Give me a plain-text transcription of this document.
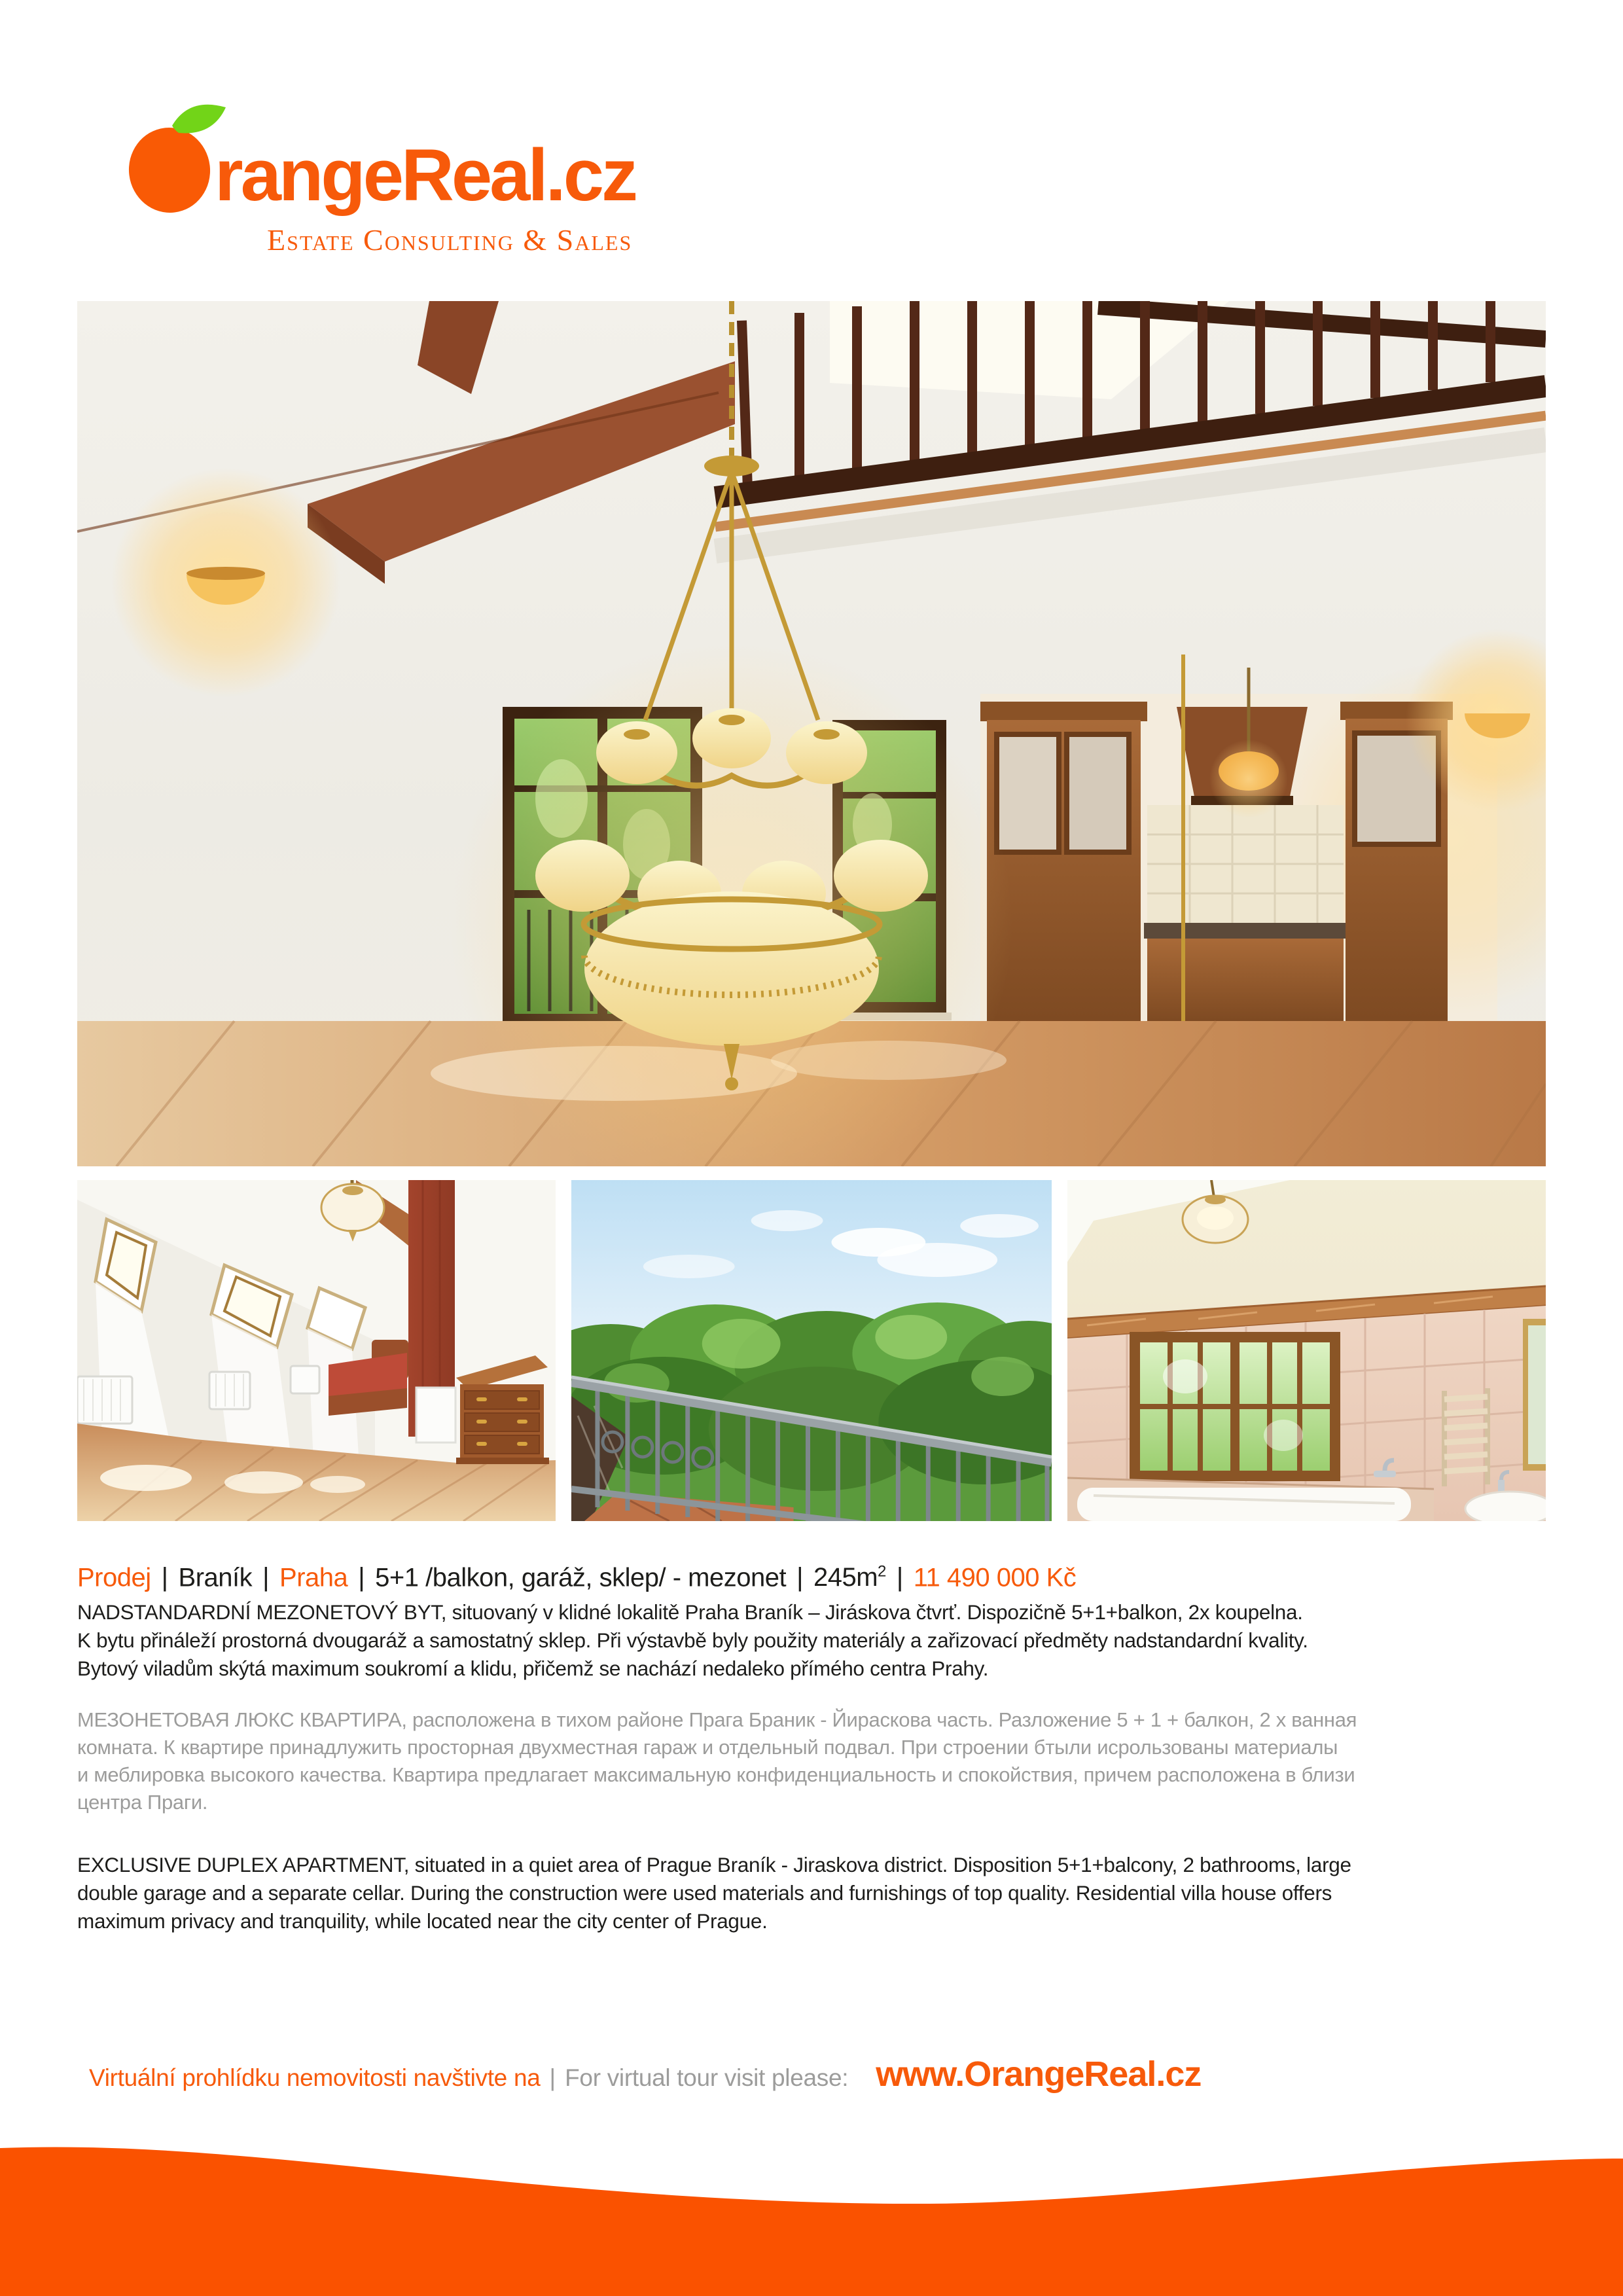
rangeReal.cz
Estate Consulting & Sales
Prodej | Braník | Praha | 5+1 /balkon, garáž, sklep/ - mezonet | $245m^2$ | 11 490 000 Kč
NADSTANDARDNÍ MEZONETOVÝ BYT, situovaný v klidné lokalitě Praha Braník – Jiráskova čtvrť. Dispozičně 5+1+balkon, 2x koupelna.
K bytu přináleží prostorná dvougaráž a samostatný sklep. Při výstavbě byly použity materiály a zařizovací předměty nadstandardní kvality.
Bytový viladům skýtá maximum soukromí a klidu, přičemž se nachází nedaleko přímého centra Prahy.
МЕЗОНЕТОВАЯ ЛЮКС КВАРТИРА, расположена в тихом районе Прага Браник - Йираскова часть. Разложение 5 + 1 + балкон, 2 х ванная
комната. К квартире принадлужить просторная двухместная гараж и отдельный подвал. При строении бтыли исрользованы материалы
и меблировка высокого качества. Квартира предлагает максимальную конфиденциальность и спокойствия, причем расположена в близи
центра Праги.
EXCLUSIVE DUPLEX APARTMENT, situated in a quiet area of Prague Braník - Jiraskova district. Disposition 5+1+balcony, 2 bathrooms, large
double garage and a separate cellar. During the construction were used materials and furnishings of top quality. Residential villa house offers
maximum privacy and tranquility, while located near the city center of Prague.
Virtuální prohlídku nemovitosti navštivte na | For virtual tour visit please: www.OrangeReal.cz
